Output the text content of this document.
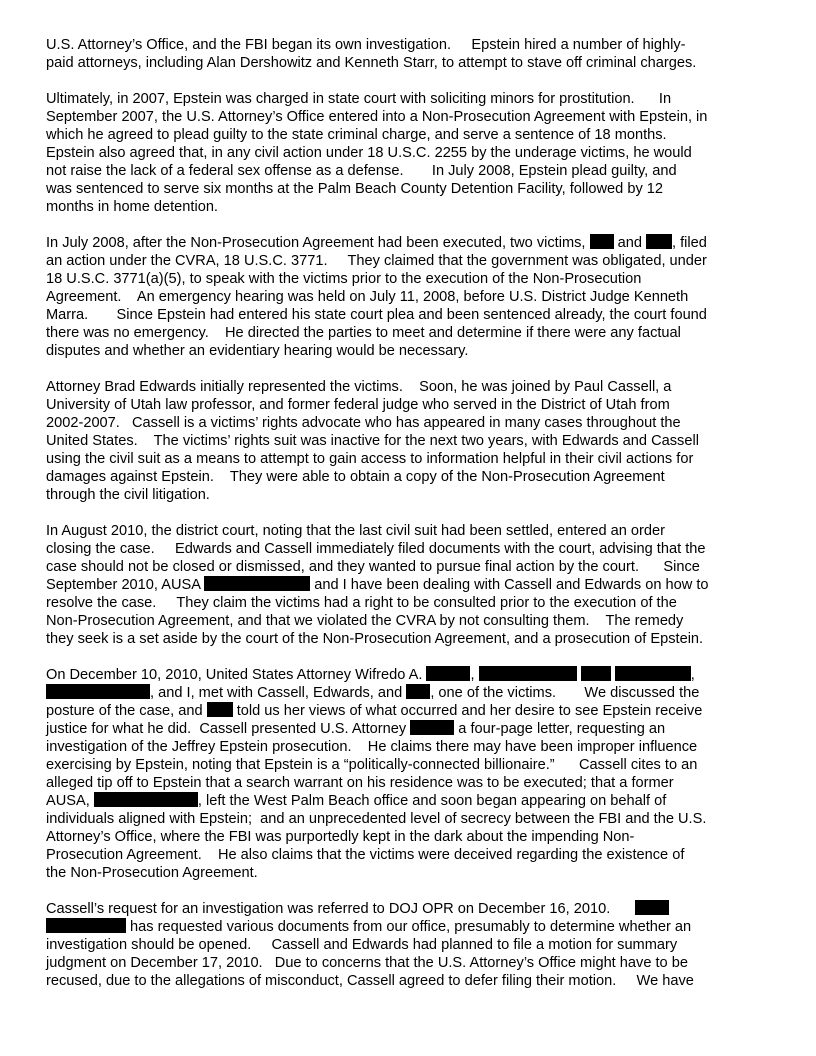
U.S. Attorney’s Office, and the FBI began its own investigation.     Epstein hired a number of highly-
paid attorneys, including Alan Dershowitz and Kenneth Starr, to attempt to stave off criminal charges.
Ultimately, in 2007, Epstein was charged in state court with soliciting minors for prostitution.      In
September 2007, the U.S. Attorney’s Office entered into a Non-Prosecution Agreement with Epstein, in
which he agreed to plead guilty to the state criminal charge, and serve a sentence of 18 months.
Epstein also agreed that, in any civil action under 18 U.S.C. 2255 by the underage victims, he would
not raise the lack of a federal sex offense as a defense.       In July 2008, Epstein plead guilty, and
was sentenced to serve six months at the Palm Beach County Detention Facility, followed by 12
months in home detention.
In July 2008, after the Non-Prosecution Agreement had been executed, two victims,  and , filed
an action under the CVRA, 18 U.S.C. 3771.     They claimed that the government was obligated, under
18 U.S.C. 3771(a)(5), to speak with the victims prior to the execution of the Non-Prosecution
Agreement.    An emergency hearing was held on July 11, 2008, before U.S. District Judge Kenneth
Marra.       Since Epstein had entered his state court plea and been sentenced already, the court found
there was no emergency.    He directed the parties to meet and determine if there were any factual
disputes and whether an evidentiary hearing would be necessary.
Attorney Brad Edwards initially represented the victims.    Soon, he was joined by Paul Cassell, a
University of Utah law professor, and former federal judge who served in the District of Utah from
2002-2007.   Cassell is a victims’ rights advocate who has appeared in many cases throughout the
United States.    The victims’ rights suit was inactive for the next two years, with Edwards and Cassell
using the civil suit as a means to attempt to gain access to information helpful in their civil actions for
damages against Epstein.    They were able to obtain a copy of the Non-Prosecution Agreement
through the civil litigation.
In August 2010, the district court, noting that the last civil suit had been settled, entered an order
closing the case.     Edwards and Cassell immediately filed documents with the court, advising that the
case should not be closed or dismissed, and they wanted to pursue final action by the court.      Since
September 2010, AUSA	and I have been dealing with Cassell and Edwards on how to
resolve the case.     They claim the victims had a right to be consulted prior to the execution of the
Non-Prosecution Agreement, and that we violated the CVRA by not consulting them.    The remedy
they seek is a set aside by the court of the Non-Prosecution Agreement, and a prosecution of Epstein.
On December 10, 2010, United States Attorney Wifredo A.	,	,
, and I, met with Cassell, Edwards, and , one of the victims.       We discussed the
posture of the case, and  told us her views of what occurred and her desire to see Epstein receive
justice for what he did.  Cassell presented U.S. Attorney	a four-page letter, requesting an
investigation of the Jeffrey Epstein prosecution.    He claims there may have been improper influence
exercising by Epstein, noting that Epstein is a “politically-connected billionaire.”      Cassell cites to an
alleged tip off to Epstein that a search warrant on his residence was to be executed; that a former
AUSA,	, left the West Palm Beach office and soon began appearing on behalf of
individuals aligned with Epstein;  and an unprecedented level of secrecy between the FBI and the U.S.
Attorney’s Office, where the FBI was purportedly kept in the dark about the impending Non-
Prosecution Agreement.    He also claims that the victims were deceived regarding the existence of
the Non-Prosecution Agreement.
Cassell’s request for an investigation was referred to DOJ OPR on December 16, 2010.
has requested various documents from our office, presumably to determine whether an
investigation should be opened.     Cassell and Edwards had planned to file a motion for summary
judgment on December 17, 2010.   Due to concerns that the U.S. Attorney’s Office might have to be
recused, due to the allegations of misconduct, Cassell agreed to defer filing their motion.     We have
